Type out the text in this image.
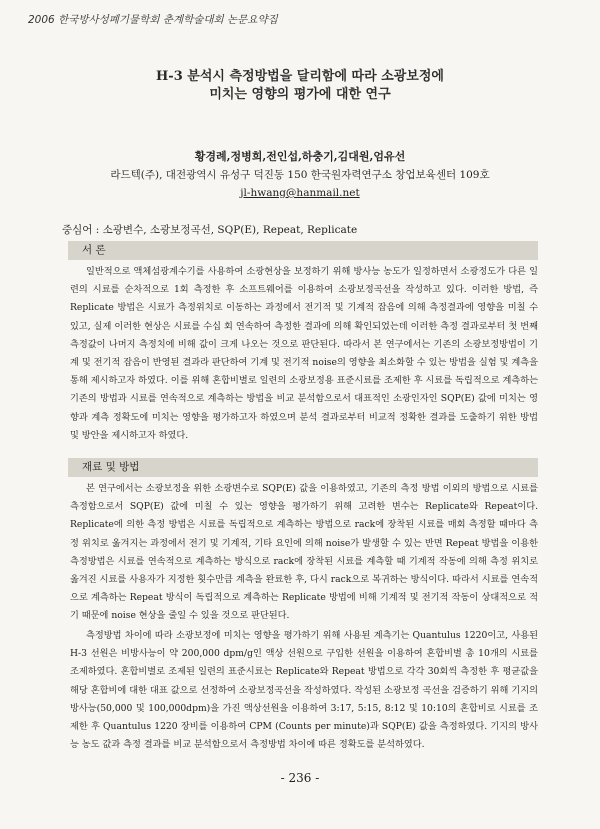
2006 한국방사성폐기물학회 춘계학술대회 논문요약집

H-3 분석시 측정방법을 달리함에 따라 소광보정에

미치는 영향의 평가에 대한 연구

황경례,정병희,전인섭,하충기,김대원,엄유선
라드텍(주), 대전광역시 유성구 덕진동 150 한국원자력연구소 창업보육센터 109호
jl-hwang@hanmail.net
중심어 : 소광변수, 소광보정곡선, SQP(E), Repeat, Replicate
서 론

일반적으로 액체섬광계수기를 사용하여 소광현상을 보정하기 위해 방사능 농도가 일정하면서 소광정도가 다른 일련의 시료를 순차적으로 1회 측정한 후 소프트웨어를 이용하여 소광보정곡선을 작성하고 있다. 이러한 방법, 즉 Replicate 방법은 시료가 측정위치로 이동하는 과정에서 전기적 및 기계적 잡음에 의해 측정결과에 영향을 미칠 수 있고, 실제 이러한 현상은 시료를 수십 회 연속하여 측정한 결과에 의해 확인되었는데 이러한 측정 결과로부터 첫 번째 측정값이 나머지 측정치에 비해 값이 크게 나오는 것으로 판단된다. 따라서 본 연구에서는 기존의 소광보정방법이 기계 및 전기적 잡음이 반영된 결과라 판단하여 기계 및 전기적 noise의 영향을 최소화할 수 있는 방법을 실험 및 계측을 통해 제시하고자 하였다. 이를 위해 혼합비별로 일련의 소광보정용 표준시료를 조제한 후 시료를 독립적으로 계측하는 기존의 방법과 시료를 연속적으로 계측하는 방법을 비교 분석함으로서 대표적인 소광인자인 SQP(E) 값에 미치는 영향과 계측 정확도에 미치는 영향을 평가하고자 하였으며 분석 결과로부터 비교적 정확한 결과를 도출하기 위한 방법 및 방안을 제시하고자 하였다.

재료 및 방법

본 연구에서는 소광보정을 위한 소광변수로 SQP(E) 값을 이용하였고, 기존의 측정 방법 이외의 방법으로 시료를 측정함으로서 SQP(E) 값에 미칠 수 있는 영향을 평가하기 위해 고려한 변수는 Replicate와 Repeat이다. Replicate에 의한 측정 방법은 시료를 독립적으로 계측하는 방법으로 rack에 장착된 시료를 매회 측정할 때마다 측정 위치로 옮겨지는 과정에서 전기 및 기계적, 기타 요인에 의해 noise가 발생할 수 있는 반면 Repeat 방법을 이용한 측정방법은 시료를 연속적으로 계측하는 방식으로 rack에 장착된 시료를 계측할 때 기계적 작동에 의해 측정 위치로 옮겨진 시료를 사용자가 지정한 횟수만큼 계측을 완료한 후, 다시 rack으로 복귀하는 방식이다. 따라서 시료를 연속적으로 계측하는 Repeat 방식이 독립적으로 계측하는 Replicate 방법에 비해 기계적 및 전기적 작동이 상대적으로 적기 때문에 noise 현상을 줄일 수 있을 것으로 판단된다.

측정방법 차이에 따라 소광보정에 미치는 영향을 평가하기 위해 사용된 계측기는 Quantulus 1220이고, 사용된 H-3 선원은 비방사능이 약 200,000 dpm/g인 액상 선원으로 구입한 선원을 이용하여 혼합비별 총 10개의 시료를 조제하였다. 혼합비별로 조제된 일련의 표준시료는 Replicate와 Repeat 방법으로 각각 30회씩 측정한 후 평균값을 해당 혼합비에 대한 대표 값으로 선정하여 소광보정곡선을 작성하였다. 작성된 소광보정 곡선을 검증하기 위해 기지의 방사능(50,000 및 100,000dpm)을 가진 액상선원을 이용하여 3:17, 5:15, 8:12 및 10:10의 혼합비로 시료를 조제한 후 Quantulus 1220 장비를 이용하여 CPM (Counts per minute)과 SQP(E) 값을 측정하였다. 기지의 방사능 농도 값과 측정 결과를 비교 분석함으로서 측정방법 차이에 따른 정확도를 분석하였다.

- 236 -
